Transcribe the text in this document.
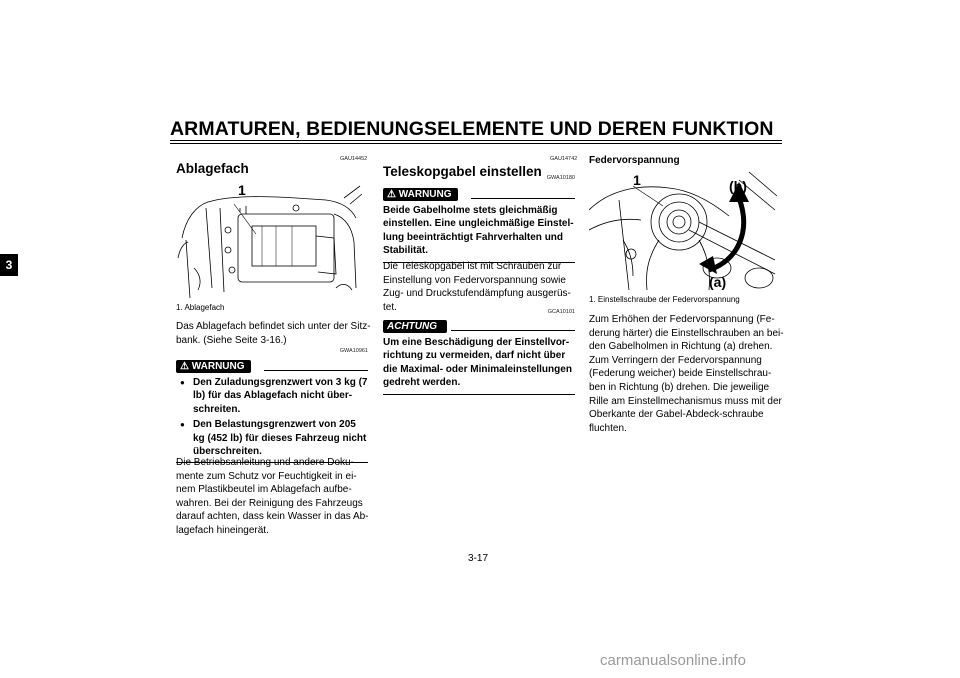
ARMATUREN, BEDIENUNGSELEMENTE UND DEREN FUNKTION
3
GAU14452
Ablagefach
1
1. Ablagefach
Das Ablagefach befindet sich unter der Sitz-bank. (Siehe Seite 3-16.)
⚠ WARNUNG
GWA10961
● Den Zuladungsgrenzwert von 3 kg (7 lb) für das Ablagefach nicht über-schreiten.
● Den Belastungsgrenzwert von 205 kg (452 lb) für dieses Fahrzeug nicht überschreiten.
Die Betriebsanleitung und andere Doku-mente zum Schutz vor Feuchtigkeit in ei-nem Plastikbeutel im Ablagefach aufbe-wahren. Bei der Reinigung des Fahrzeugs darauf achten, dass kein Wasser in das Ab-lagefach hineingerät.
GAU14742
Teleskopgabel einstellen
⚠ WARNUNG
GWA10180
Beide Gabelholme stets gleichmäßig einstellen. Eine ungleichmäßige Einstel-lung beeinträchtigt Fahrverhalten und Stabilität.
Die Teleskopgabel ist mit Schrauben zur Einstellung von Federvorspannung sowie Zug- und Druckstufendämpfung ausgerüs-tet.
ACHTUNG
GCA10101
Um eine Beschädigung der Einstellvor-richtung zu vermeiden, darf nicht über die Maximal- oder Minimaleinstellungen gedreht werden.
Federvorspannung
1	(b)
(a)
1. Einstellschraube der Federvorspannung
Zum Erhöhen der Federvorspannung (Fe-derung härter) die Einstellschrauben an bei-den Gabelholmen in Richtung (a) drehen. Zum Verringern der Federvorspannung (Federung weicher) beide Einstellschrau-ben in Richtung (b) drehen. Die jeweilige Rille am Einstellmechanismus muss mit der Oberkante der Gabel-Abdeck-schraube fluchten.
3-17
carmanualsonline.info
